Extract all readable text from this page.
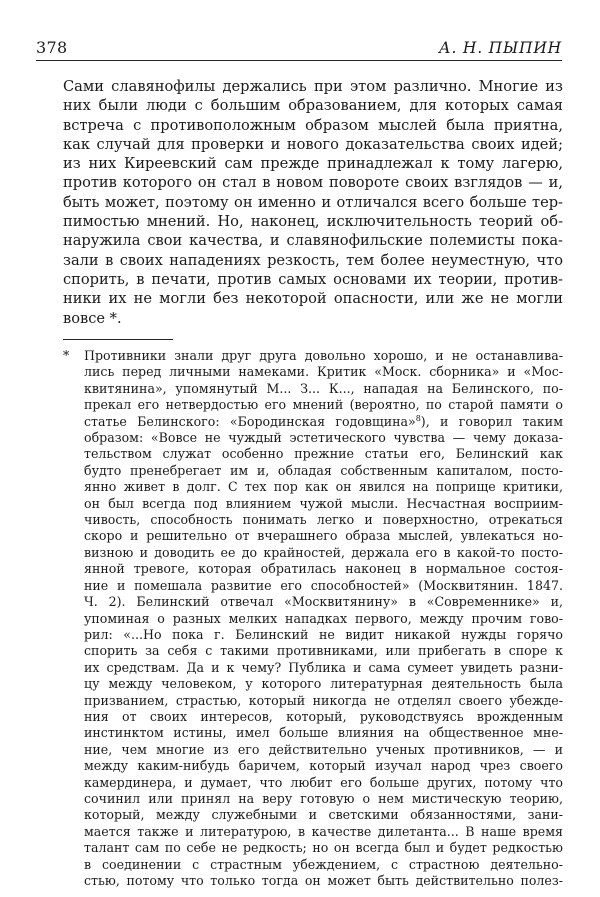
378	А. Н. ПЫПИН
Сами славянофилы держались при этом различно. Многие из
них были люди с большим образованием, для которых самая
встреча с противоположным образом мыслей была приятна,
как случай для проверки и нового доказательства своих идей;
из них Киреевский сам прежде принадлежал к тому лагерю,
против которого он стал в новом повороте своих взглядов — и,
быть может, поэтому он именно и отличался всего больше тер-
пимостью мнений. Но, наконец, исключительность теорий об-
наружила свои качества, и славянофильские полемисты пока-
зали в своих нападениях резкость, тем более неуместную, что
спорить, в печати, против самых основами их теории, против-
ники их не могли без некоторой опасности, или же не могли
вовсе *.
* Противники знали друг друга довольно хорошо, и не останавлива-
лись перед личными намеками. Критик «Моск. сборника» и «Мос-
квитянина», упомянутый М... З... К..., нападая на Белинского, по-
прекал его нетвердостью его мнений (вероятно, по старой памяти о
статье Белинского: «Бородинская годовщина»$^8$), и говорил таким
образом: «Вовсе не чуждый эстетического чувства — чему доказа-
тельством служат особенно прежние статьи его, Белинский как
будто пренебрегает им и, обладая собственным капиталом, посто-
янно живет в долг. С тех пор как он явился на поприще критики,
он был всегда под влиянием чужой мысли. Несчастная восприим-
чивость, способность понимать легко и поверхностно, отрекаться
скоро и решительно от вчерашнего образа мыслей, увлекаться но-
визною и доводить ее до крайностей, держала его в какой-то посто-
янной тревоге, которая обратилась наконец в нормальное состоя-
ние и помешала развитие его способностей» (Москвитянин. 1847.
Ч. 2). Белинский отвечал «Москвитянину» в «Современнике» и,
упоминая о разных мелких нападках первого, между прочим гово-
рил: «...Но пока г. Белинский не видит никакой нужды горячо
спорить за себя с такими противниками, или прибегать в споре к
их средствам. Да и к чему? Публика и сама сумеет увидеть разни-
цу между человеком, у которого литературная деятельность была
призванием, страстью, который никогда не отделял своего убежде-
ния от своих интересов, который, руководствуясь врожденным
инстинктом истины, имел больше влияния на общественное мне-
ние, чем многие из его действительно ученых противников, — и
между каким-нибудь баричем, который изучал народ чрез своего
камердинера, и думает, что любит его больше других, потому что
сочинил или принял на веру готовую о нем мистическую теорию,
который, между служебными и светскими обязанностями, зани-
мается также и литературою, в качестве дилетанта... В наше время
талант сам по себе не редкость; но он всегда был и будет редкостью
в соединении с страстным убеждением, с страстною деятельно-
стью, потому что только тогда он может быть действительно полез-
